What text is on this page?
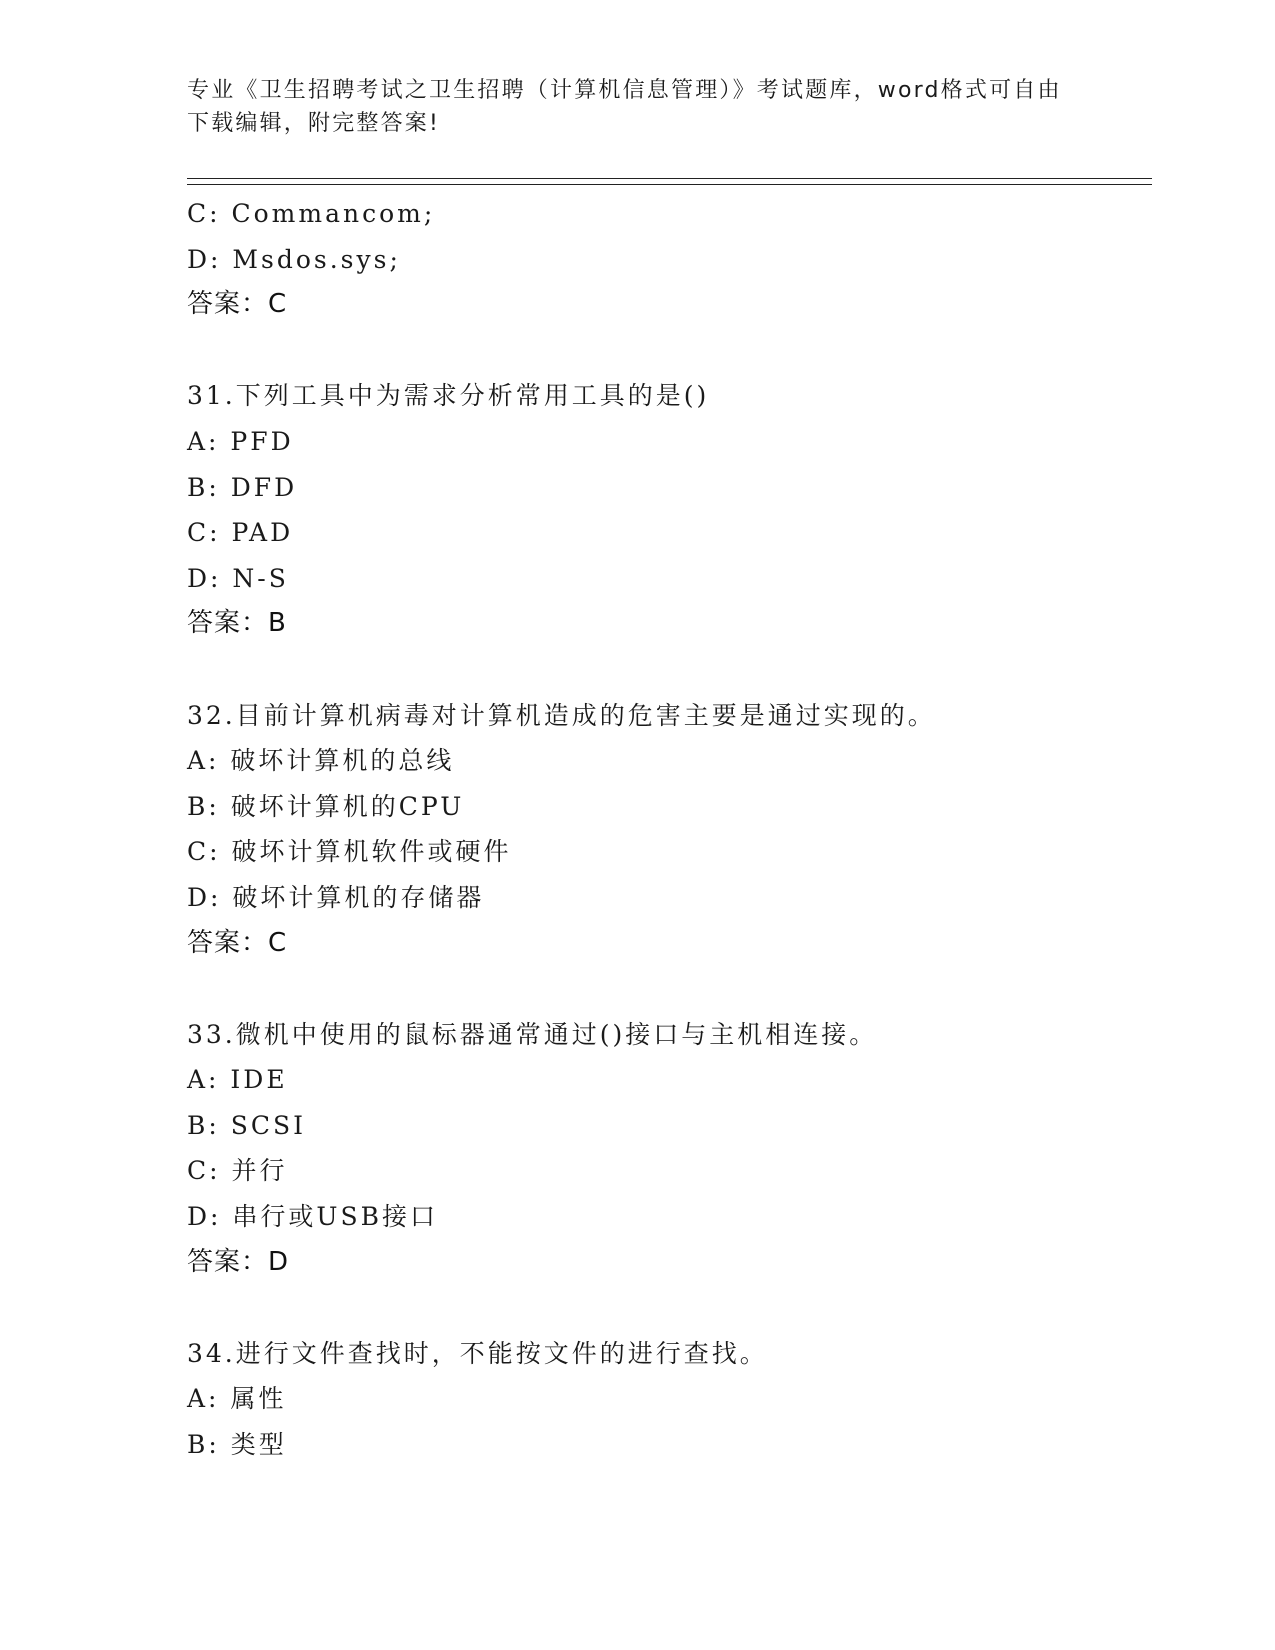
专业《卫生招聘考试之卫生招聘（计算机信息管理）》考试题库，word格式可自由下载编辑，附完整答案!
C: Commancom;
D: Msdos.sys;
答案：C
31.下列工具中为需求分析常用工具的是()
A: PFD
B: DFD
C: PAD
D: N-S
答案：B
32.目前计算机病毒对计算机造成的危害主要是通过实现的。
A: 破坏计算机的总线
B: 破坏计算机的CPU
C: 破坏计算机软件或硬件
D: 破坏计算机的存储器
答案：C
33.微机中使用的鼠标器通常通过()接口与主机相连接。
A: IDE
B: SCSI
C: 并行
D: 串行或USB接口
答案：D
34.进行文件查找时，不能按文件的进行查找。
A: 属性
B: 类型
